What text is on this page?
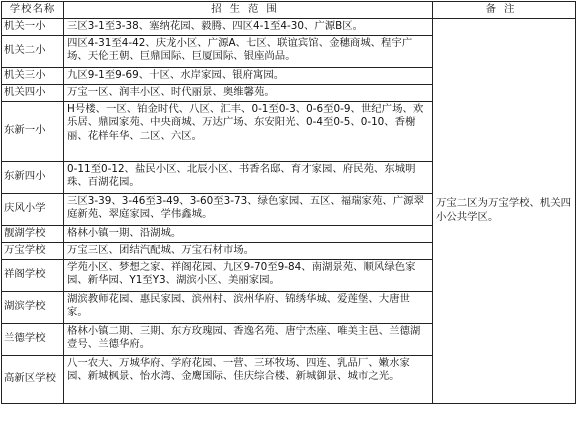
学校名称	招生范围	备注
机关一小	三区3-1至3-38、塞纳花园、毅腾、四区4-1至4-30、广源B区。	万宝二区为万宝学校、机关四小公共学区。
机关二小	四区4-31至4-42、庆龙小区、广源A、七区、联谊宾馆、金穗商城、程宇广场、天伦王朝、巨鼎国际、巨厦国际、银座尚品。	
机关三小	九区9-1至9-69、十区、水岸家园、银府寓园。	
机关四小	万宝一区、润丰小区、时代丽景、奥维馨苑。	
东新一小	H号楼、一区、铂金时代、八区、汇丰、0-1至0-3、0-6至0-9、世纪广场、欢乐居、鼎园家苑、中央商城、万达广场、东安阳光、0-4至0-5、0-10、香榭丽、花样年华、二区、六区。	
东新四小	0-11至0-12、盐民小区、北辰小区、书香名邸、育才家园、府民苑、东城明珠、百湖花园。	
庆风小学	三区3-39、3-46至3-49、3-60至3-73、绿色家园、五区、福瑞家苑、广源翠庭新苑、翠庭家园、学伟鑫城。	
靓湖学校	格林小镇一期、沿湖城。	
万宝学校	万宝三区、团结汽配城、万宝石材市场。	
祥阁学校	学苑小区、梦想之家、祥阁花园、九区9-70至9-84、南湖景苑、顺风绿色家园、新华园、Y1至Y3、湖滨小区、美丽家园。	
湖滨学校	湖滨教师花园、惠民家园、滨州村、滨州华府、锦绣华城、爱莲堡、大唐世家。	
兰德学校	格林小镇二期、三期、东方玫瑰园、香逸名苑、唐宁杰座、唯美主邑、兰德湖壹号、兰德华府。	
高新区学校	八一农大、万城华府、学府花园、一营、三环牧场、四连、乳品厂、嫩水家园、新城枫景、怡水湾、金鹰国际、佳庆综合楼、新城御景、城市之光。	
